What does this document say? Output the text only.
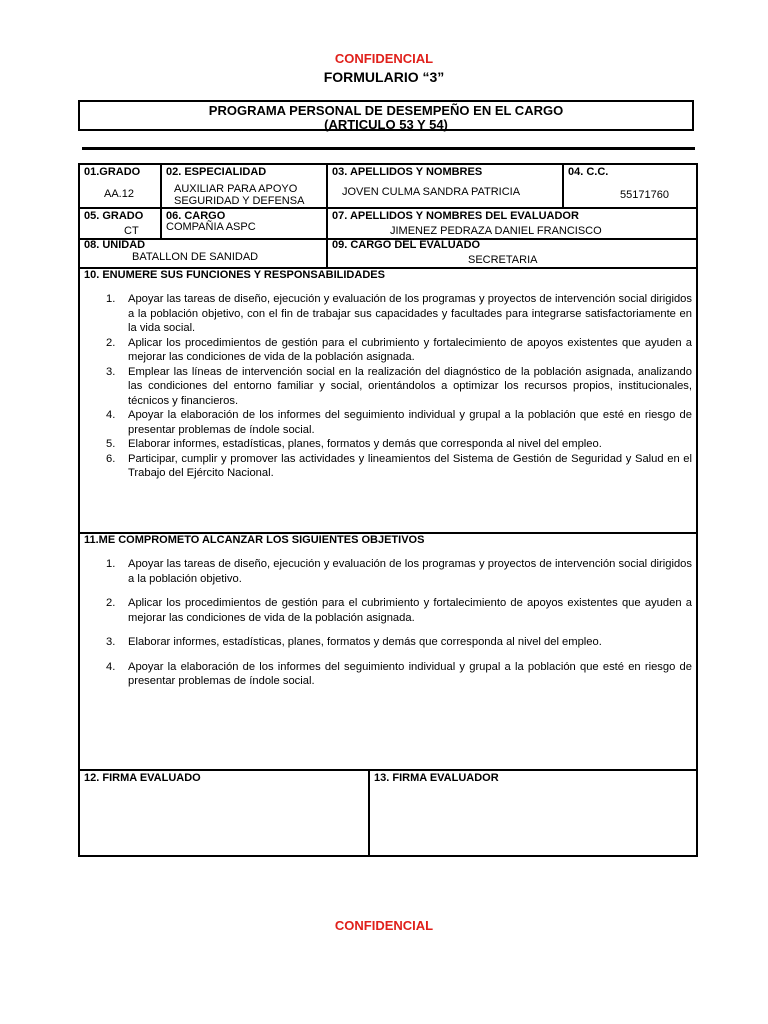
CONFIDENCIAL
FORMULARIO “3”
PROGRAMA PERSONAL DE DESEMPEÑO EN EL CARGO
(ARTICULO 53 Y 54)
01.GRADO
AA.12
02. ESPECIALIDAD
AUXILIAR PARA APOYO
SEGURIDAD Y DEFENSA
03. APELLIDOS Y NOMBRES
JOVEN CULMA SANDRA PATRICIA
04. C.C.
55171760
05. GRADO
CT
06. CARGO
COMPAÑIA ASPC
07. APELLIDOS Y NOMBRES DEL EVALUADOR
JIMENEZ PEDRAZA DANIEL FRANCISCO
08. UNIDAD
BATALLON DE SANIDAD
09. CARGO DEL EVALUADO
SECRETARIA
10. ENUMERE SUS FUNCIONES Y RESPONSABILIDADES
1. Apoyar las tareas de diseño, ejecución y evaluación de los programas y proyectos de intervención social dirigidos a la población objetivo, con el fin de trabajar sus capacidades y facultades para integrarse satisfactoriamente en la vida social.
2. Aplicar los procedimientos de gestión para el cubrimiento y fortalecimiento de apoyos existentes que ayuden a mejorar las condiciones de vida de la población asignada.
3. Emplear las líneas de intervención social en la realización del diagnóstico de la población asignada, analizando las condiciones del entorno familiar y social, orientándolos a optimizar los recursos propios, institucionales, técnicos y financieros.
4. Apoyar la elaboración de los informes del seguimiento individual y grupal a la población que esté en riesgo de presentar problemas de índole social.
5. Elaborar informes, estadísticas, planes, formatos y demás que corresponda al nivel del empleo.
6. Participar, cumplir y promover las actividades y lineamientos del Sistema de Gestión de Seguridad y Salud en el Trabajo del Ejército Nacional.
11.ME COMPROMETO ALCANZAR LOS SIGUIENTES OBJETIVOS
1. Apoyar las tareas de diseño, ejecución y evaluación de los programas y proyectos de intervención social dirigidos a la población objetivo.
2. Aplicar los procedimientos de gestión para el cubrimiento y fortalecimiento de apoyos existentes que ayuden a mejorar las condiciones de vida de la población asignada.
3. Elaborar informes, estadísticas, planes, formatos y demás que corresponda al nivel del empleo.
4. Apoyar la elaboración de los informes del seguimiento individual y grupal a la población que esté en riesgo de presentar problemas de índole social.
12. FIRMA EVALUADO	13. FIRMA EVALUADOR
CONFIDENCIAL
